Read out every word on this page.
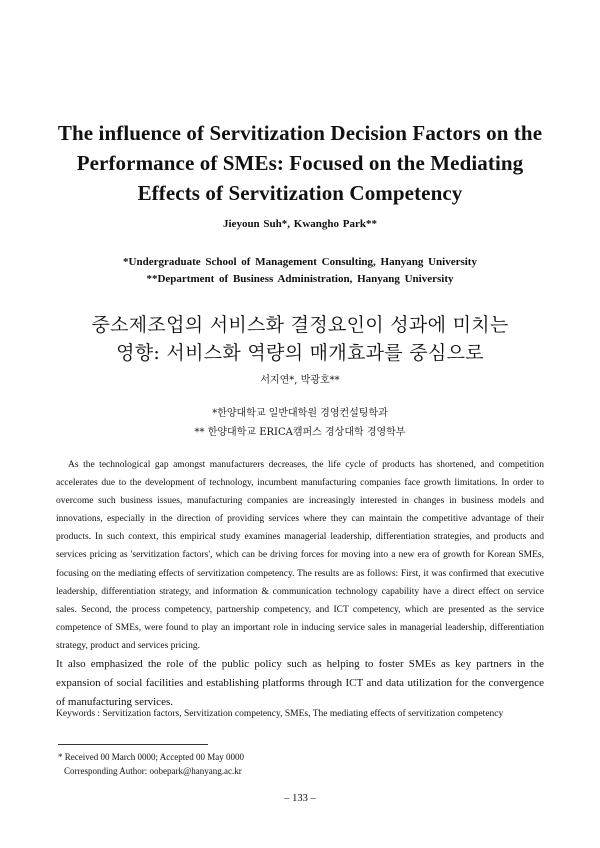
The influence of Servitization Decision Factors on the
Performance of SMEs: Focused on the Mediating
Effects of Servitization Competency
Jieyoun Suh*, Kwangho Park**
*Undergraduate School of Management Consulting, Hanyang University
**Department of Business Administration, Hanyang University
중소제조업의 서비스화 결정요인이 성과에 미치는
영향: 서비스화 역량의 매개효과를 중심으로
서지연*, 박광호**
*한양대학교 일반대학원 경영컨설팅학과
** 한양대학교 ERICA캠퍼스 경상대학 경영학부
As the technological gap amongst manufacturers decreases, the life cycle of products has shortened, and competition accelerates due to the development of technology, incumbent manufacturing companies face growth limitations. In order to overcome such business issues, manufacturing companies are increasingly interested in changes in business models and innovations, especially in the direction of providing services where they can maintain the competitive advantage of their products. In such context, this empirical study examines managerial leadership, differentiation strategies, and products and services pricing as 'servitization factors', which can be driving forces for moving into a new era of growth for Korean SMEs, focusing on the mediating effects of servitization competency. The results are as follows: First, it was confirmed that executive leadership, differentiation strategy, and information & communication technology capability have a direct effect on service sales. Second, the process competency, partnership competency, and ICT competency, which are presented as the service competence of SMEs, were found to play an important role in inducing service sales in managerial leadership, differentiation strategy, product and services pricing.
It also emphasized the role of the public policy such as helping to foster SMEs as key partners in the expansion of social facilities and establishing platforms through ICT and data utilization for the convergence of manufacturing services.
Keywords : Servitization factors, Servitization competency, SMEs, The mediating effects of servitization competency
* Received 00 March 0000; Accepted 00 May 0000
Corresponding Author: oobepark@hanyang.ac.kr
– 133 –
